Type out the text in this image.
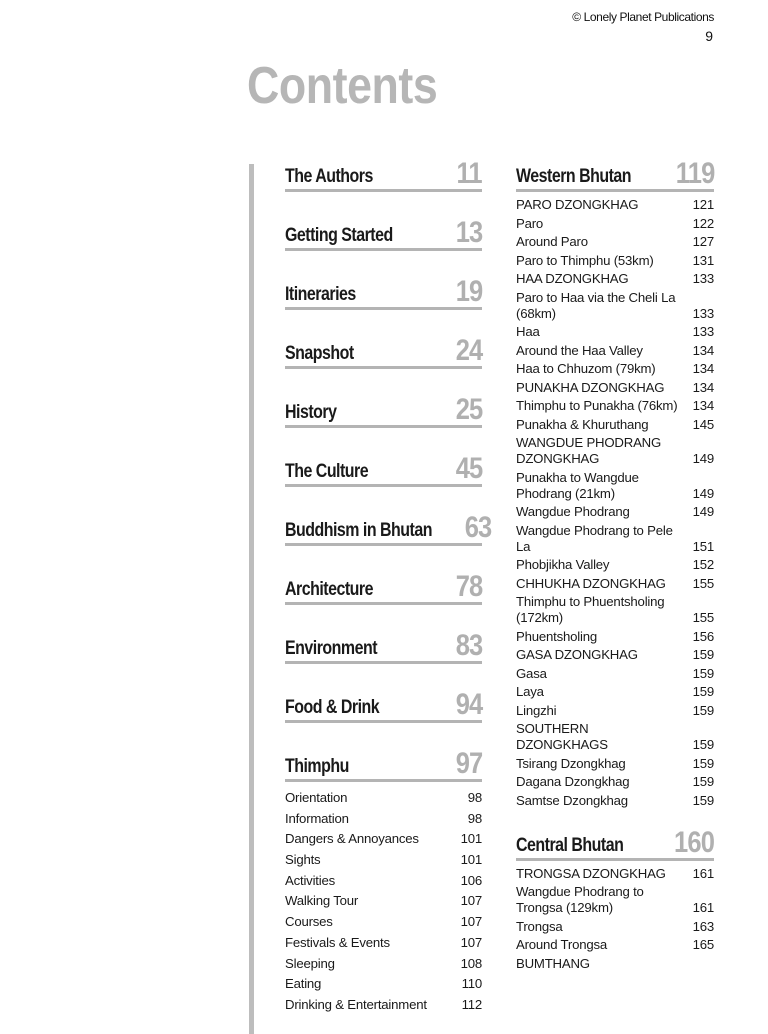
© Lonely Planet Publications
9
Contents
The Authors	11
Getting Started 13
Itineraries	19
Snapshot	24
History	25
The Culture	45
Buddhism in Bhutan 63
Architecture	78
Environment	83
Food & Drink	94
Thimphu	97
Orientation	98
Information	98
Dangers & Annoyances	101
Sights	101
Activities	106
Walking Tour	107
Courses	107
Festivals & Events	107
Sleeping	108
Eating	110
Drinking & Entertainment	112
Western Bhutan 119
PARO DZONGKHAG	121
Paro	122
Around Paro	127
Paro to Thimphu (53km)	131
HAA DZONGKHAG	133
Paro to Haa via the Cheli La (68km)	133
Haa	133
Around the Haa Valley	134
Haa to Chhuzom (79km)	134
PUNAKHA DZONGKHAG	134
Thimphu to Punakha (76km)	134
Punakha & Khuruthang	145
WANGDUE PHODRANG DZONGKHAG	149
Punakha to Wangdue Phodrang (21km)	149
Wangdue Phodrang	149
Wangdue Phodrang to Pele La	151
Phobjikha Valley	152
CHHUKHA DZONGKHAG	155
Thimphu to Phuentsholing (172km)	155
Phuentsholing	156
GASA DZONGKHAG	159
Gasa	159
Laya	159
Lingzhi	159
SOUTHERN DZONGKHAGS	159
Tsirang Dzongkhag	159
Dagana Dzongkhag	159
Samtse Dzongkhag	159
Central Bhutan 160
TRONGSA DZONGKHAG	161
Wangdue Phodrang to Trongsa (129km)	161
Trongsa	163
Around Trongsa	165
BUMTHANG
